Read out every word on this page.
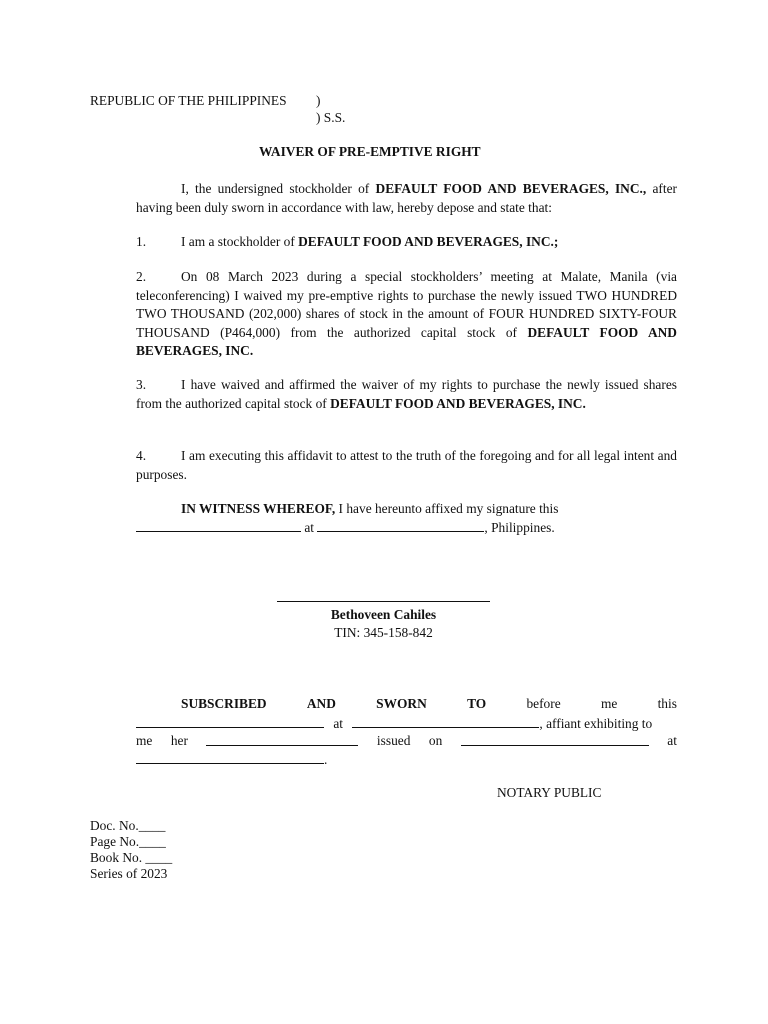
REPUBLIC OF THE PHILIPPINES )
) S.S.
WAIVER OF PRE-EMPTIVE RIGHT
I, the undersigned stockholder of DEFAULT FOOD AND BEVERAGES, INC., after having been duly sworn in accordance with law, hereby depose and state that:
1.	I am a stockholder of DEFAULT FOOD AND BEVERAGES, INC.;
2.	On 08 March 2023 during a special stockholders’ meeting at Malate, Manila (via teleconferencing) I waived my pre-emptive rights to purchase the newly issued TWO HUNDRED TWO THOUSAND (202,000) shares of stock in the amount of FOUR HUNDRED SIXTY-FOUR THOUSAND (P464,000) from the authorized capital stock of DEFAULT FOOD AND BEVERAGES, INC.
3.	I have waived and affirmed the waiver of my rights to purchase the newly issued shares from the authorized capital stock of DEFAULT FOOD AND BEVERAGES, INC.
4.	I am executing this affidavit to attest to the truth of the foregoing and for all legal intent and purposes.
IN WITNESS WHEREOF, I have hereunto affixed my signature this
at	, Philippines.
Bethoveen Cahiles
TIN: 345-158-842
SUBSCRIBED	AND	SWORN	TO	before	me	this
at	, affiant exhibiting to
me her	issued on	at
.
NOTARY PUBLIC
Doc. No.____
Page No.____
Book No. ____
Series of 2023
